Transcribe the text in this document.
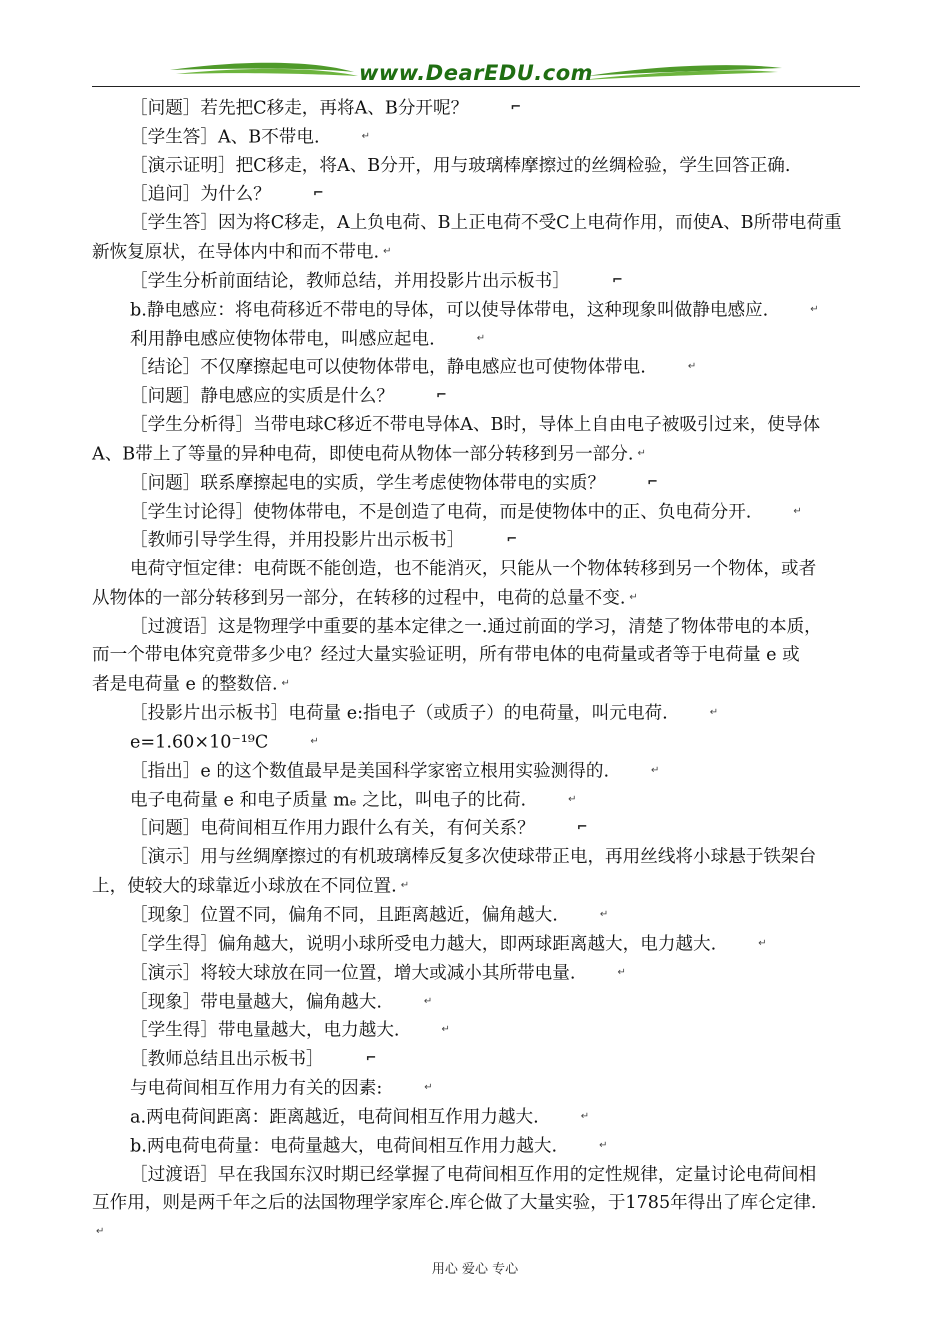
www.DearEDU.com
［问题］若先把C移走，再将A、B分开呢？	⌐
［学生答］A、B不带电.	↵
［演示证明］把C移走，将A、B分开，用与玻璃棒摩擦过的丝绸检验，学生回答正确.
［追问］为什么？	⌐
［学生答］因为将C移走，A上负电荷、B上正电荷不受C上电荷作用，而使A、B所带电荷重
新恢复原状，在导体内中和而不带电. ↵
［学生分析前面结论，教师总结，并用投影片出示板书］	⌐
b.静电感应：将电荷移近不带电的导体，可以使导体带电，这种现象叫做静电感应.	↵
利用静电感应使物体带电，叫感应起电.	↵
［结论］不仅摩擦起电可以使物体带电，静电感应也可使物体带电.	↵
［问题］静电感应的实质是什么？	⌐
［学生分析得］当带电球C移近不带电导体A、B时，导体上自由电子被吸引过来，使导体
A、B带上了等量的异种电荷，即使电荷从物体一部分转移到另一部分. ↵
［问题］联系摩擦起电的实质，学生考虑使物体带电的实质？	⌐
［学生讨论得］使物体带电，不是创造了电荷，而是使物体中的正、负电荷分开.	↵
［教师引导学生得，并用投影片出示板书］	⌐
电荷守恒定律：电荷既不能创造，也不能消灭，只能从一个物体转移到另一个物体，或者
从物体的一部分转移到另一部分，在转移的过程中，电荷的总量不变. ↵
［过渡语］这是物理学中重要的基本定律之一.通过前面的学习，清楚了物体带电的本质，
而一个带电体究竟带多少电？经过大量实验证明，所有带电体的电荷量或者等于电荷量 e 或
者是电荷量 e 的整数倍. ↵
［投影片出示板书］电荷量 e:指电子（或质子）的电荷量，叫元电荷.	↵
e=1.60×10⁻¹⁹C	↵
［指出］e 的这个数值最早是美国科学家密立根用实验测得的.	↵
电子电荷量 e 和电子质量 mₑ 之比，叫电子的比荷.	↵
［问题］电荷间相互作用力跟什么有关，有何关系？	⌐
［演示］用与丝绸摩擦过的有机玻璃棒反复多次使球带正电，再用丝线将小球悬于铁架台
上，使较大的球靠近小球放在不同位置. ↵
［现象］位置不同，偏角不同，且距离越近，偏角越大.	↵
［学生得］偏角越大，说明小球所受电力越大，即两球距离越大，电力越大.	↵
［演示］将较大球放在同一位置，增大或减小其所带电量.	↵
［现象］带电量越大，偏角越大.	↵
［学生得］带电量越大，电力越大.	↵
［教师总结且出示板书］	⌐
与电荷间相互作用力有关的因素:	↵
a.两电荷间距离：距离越近，电荷间相互作用力越大.	↵
b.两电荷电荷量：电荷量越大，电荷间相互作用力越大.	↵
［过渡语］早在我国东汉时期已经掌握了电荷间相互作用的定性规律，定量讨论电荷间相
互作用，则是两千年之后的法国物理学家库仑.库仑做了大量实验，于1785年得出了库仑定律.
↵
用心 爱心 专心
